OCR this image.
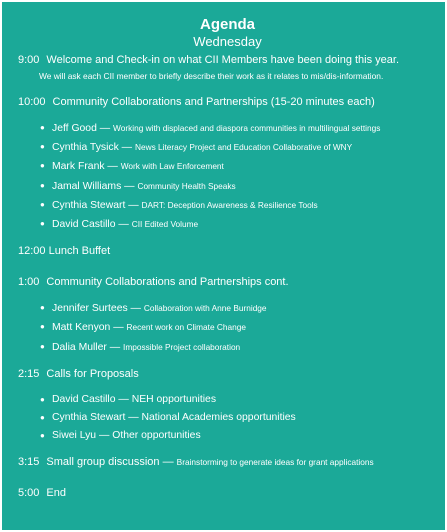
Agenda
Wednesday
9:00 Welcome and Check-in on what CII Members have been doing this year.
We will ask each CII member to briefly describe their work as it relates to mis/dis-information.
10:00 Community Collaborations and Partnerships (15-20 minutes each)
● Jeff Good — Working with displaced and diaspora communities in multilingual settings
● Cynthia Tysick — News Literacy Project and Education Collaborative of WNY
● Mark Frank — Work with Law Enforcement
● Jamal Williams — Community Health Speaks
● Cynthia Stewart — DART: Deception Awareness & Resilience Tools
● David Castillo — CII Edited Volume
12:00 Lunch Buffet
1:00 Community Collaborations and Partnerships cont.
● Jennifer Surtees — Collaboration with Anne Burnidge
● Matt Kenyon — Recent work on Climate Change
● Dalia Muller — Impossible Project collaboration
2:15 Calls for Proposals
● David Castillo — NEH opportunities
● Cynthia Stewart — National Academies opportunities
● Siwei Lyu — Other opportunities
3:15 Small group discussion — Brainstorming to generate ideas for grant applications
5:00 End
